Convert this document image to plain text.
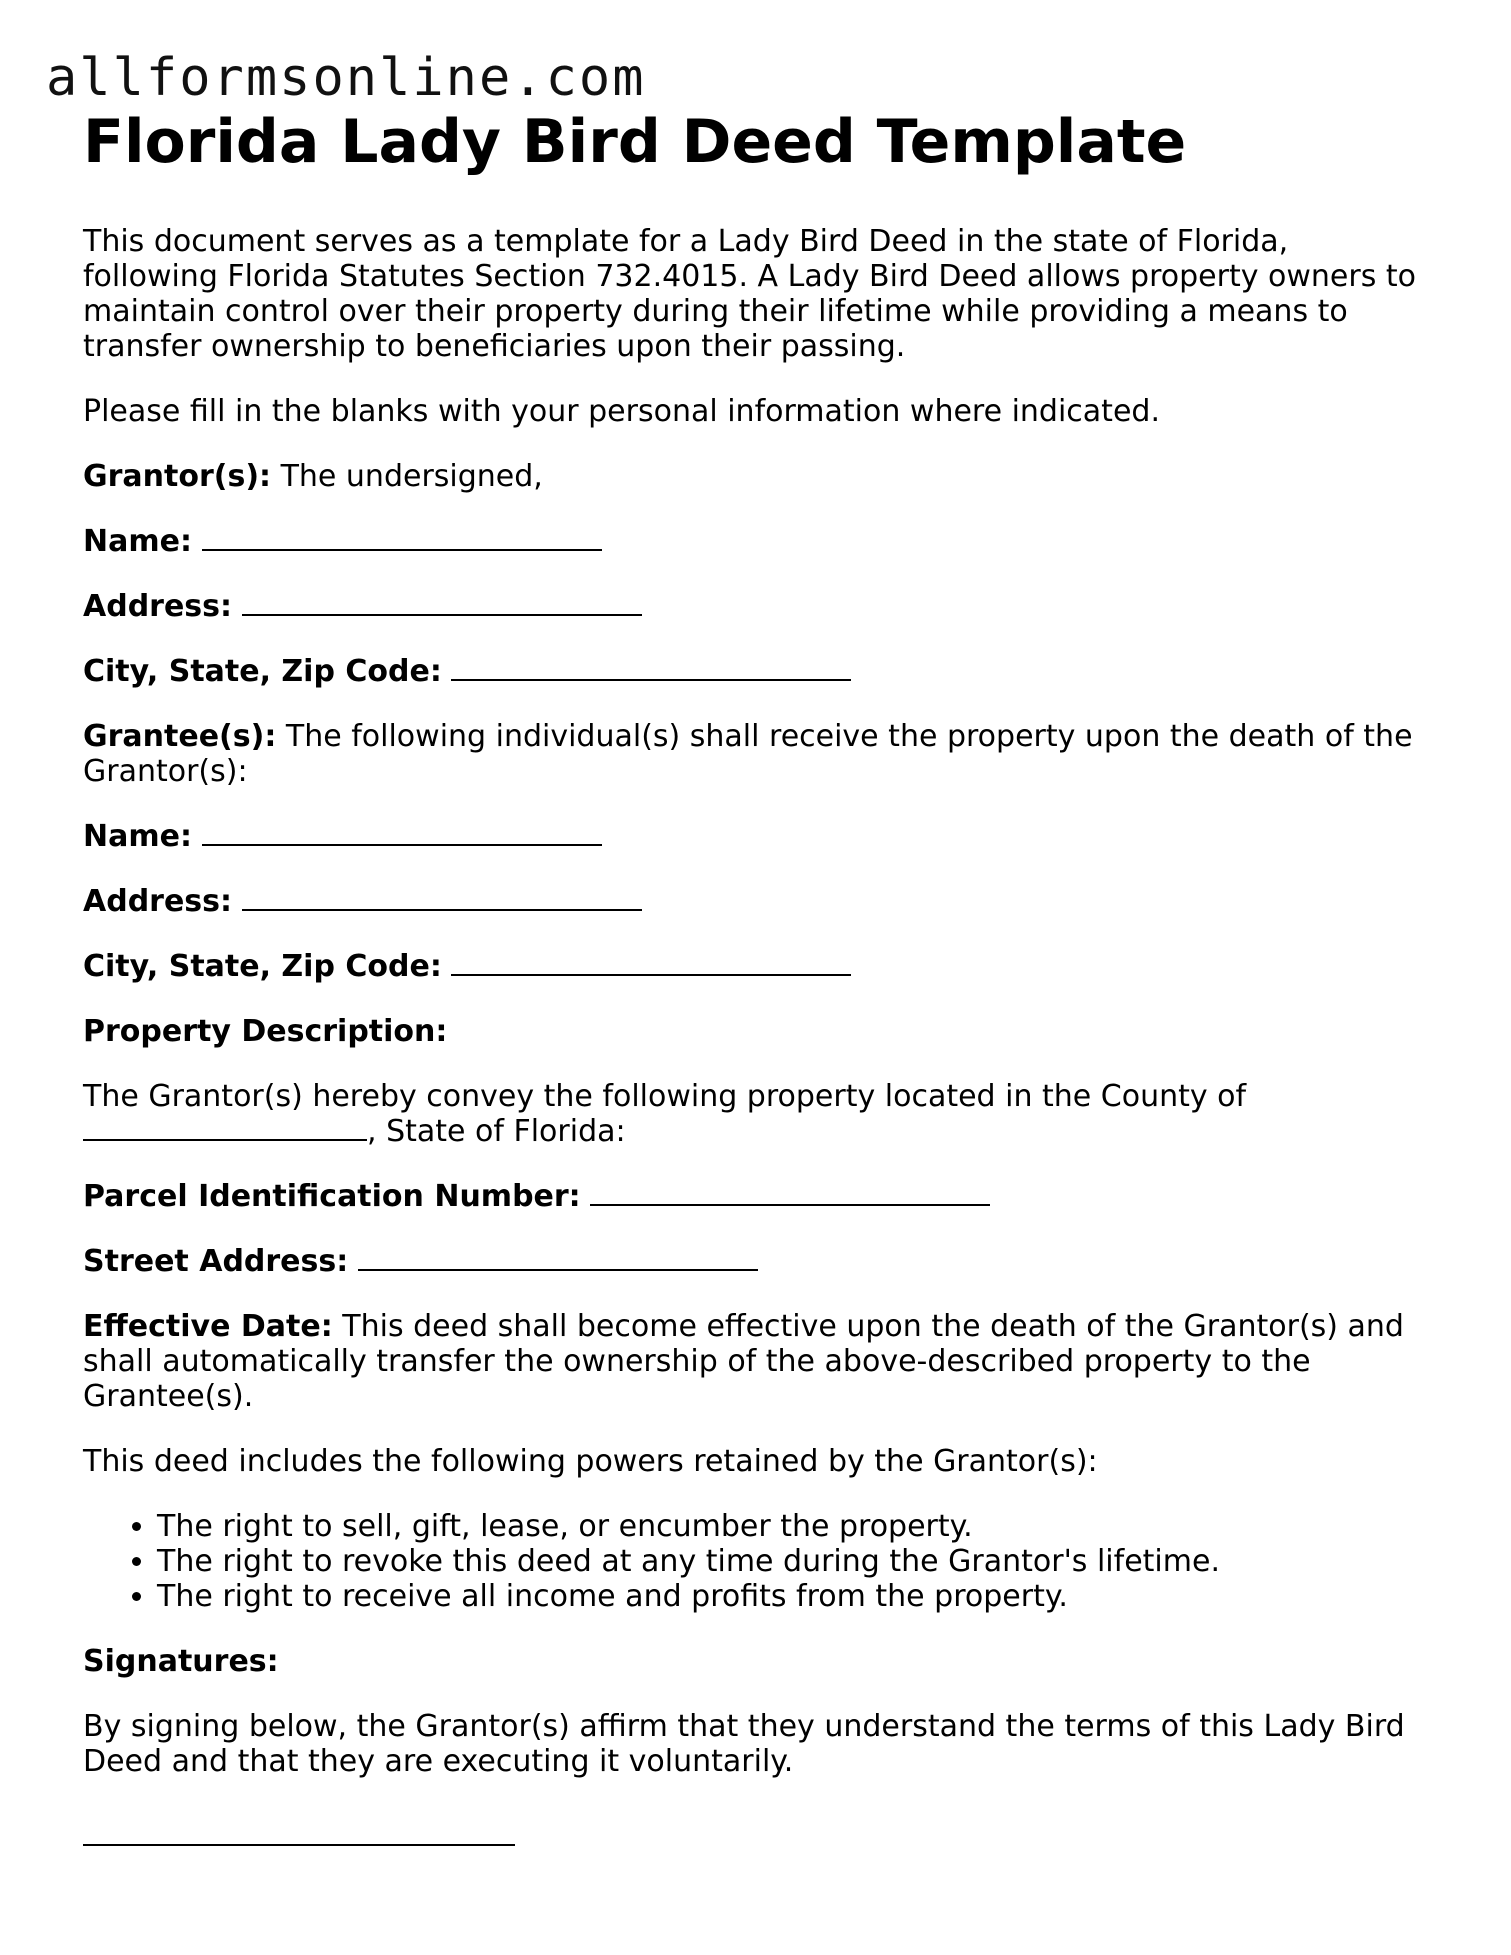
allformsonline.com
Florida Lady Bird Deed Template

This document serves as a template for a Lady Bird Deed in the state of Florida, following Florida Statutes Section 732.4015. A Lady Bird Deed allows property owners to maintain control over their property during their lifetime while providing a means to transfer ownership to beneficiaries upon their passing.

Please fill in the blanks with your personal information where indicated.

Grantor(s): The undersigned,

Name:

Address:

City, State, Zip Code:

Grantee(s): The following individual(s) shall receive the property upon the death of the Grantor(s):

Name:

Address:

City, State, Zip Code:

Property Description:

The Grantor(s) hereby convey the following property located in the County of
, State of Florida:

Parcel Identification Number:

Street Address:

Effective Date: This deed shall become effective upon the death of the Grantor(s) and shall automatically transfer the ownership of the above-described property to the Grantee(s).

This deed includes the following powers retained by the Grantor(s):

• The right to sell, gift, lease, or encumber the property.
• The right to revoke this deed at any time during the Grantor's lifetime.
• The right to receive all income and profits from the property.

Signatures:

By signing below, the Grantor(s) affirm that they understand the terms of this Lady Bird Deed and that they are executing it voluntarily.
